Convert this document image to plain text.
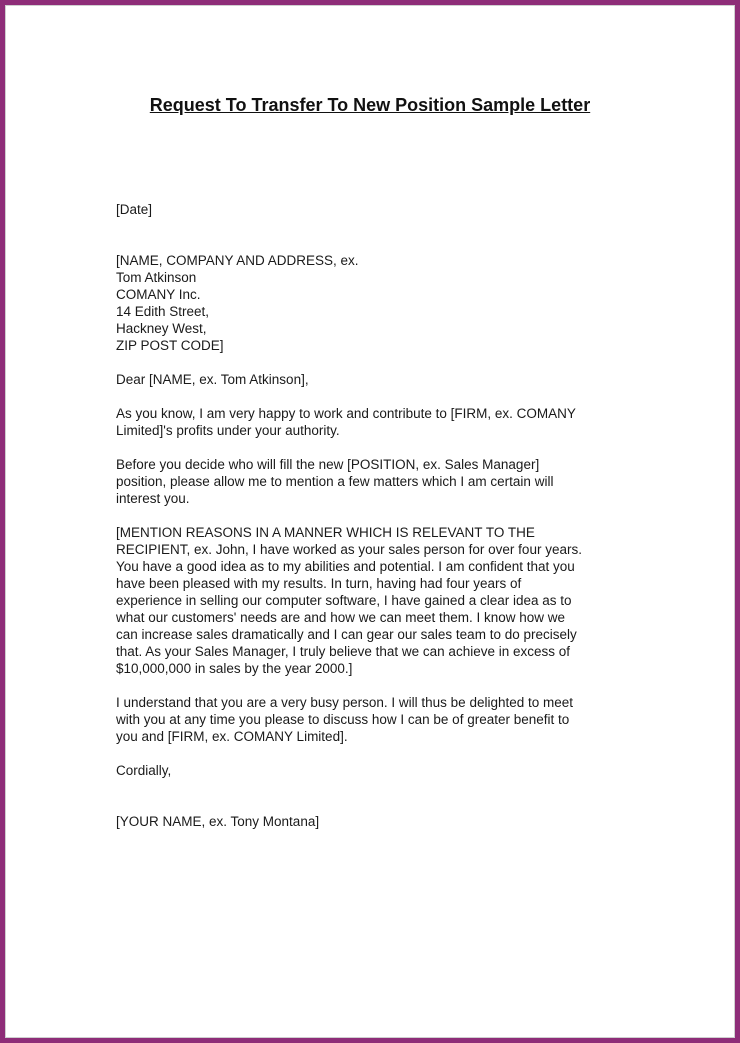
Request To Transfer To New Position Sample Letter

[Date]

[NAME, COMPANY AND ADDRESS, ex.
Tom Atkinson
COMANY Inc.
14 Edith Street,
Hackney West,
ZIP POST CODE]

Dear [NAME, ex. Tom Atkinson],

As you know, I am very happy to work and contribute to [FIRM, ex. COMANY
Limited]'s profits under your authority.

Before you decide who will fill the new [POSITION, ex. Sales Manager]
position, please allow me to mention a few matters which I am certain will
interest you.

[MENTION REASONS IN A MANNER WHICH IS RELEVANT TO THE
RECIPIENT, ex. John, I have worked as your sales person for over four years.
You have a good idea as to my abilities and potential. I am confident that you
have been pleased with my results. In turn, having had four years of
experience in selling our computer software, I have gained a clear idea as to
what our customers' needs are and how we can meet them. I know how we
can increase sales dramatically and I can gear our sales team to do precisely
that. As your Sales Manager, I truly believe that we can achieve in excess of
$10,000,000 in sales by the year 2000.]

I understand that you are a very busy person. I will thus be delighted to meet
with you at any time you please to discuss how I can be of greater benefit to
you and [FIRM, ex. COMANY Limited].

Cordially,

[YOUR NAME, ex. Tony Montana]
